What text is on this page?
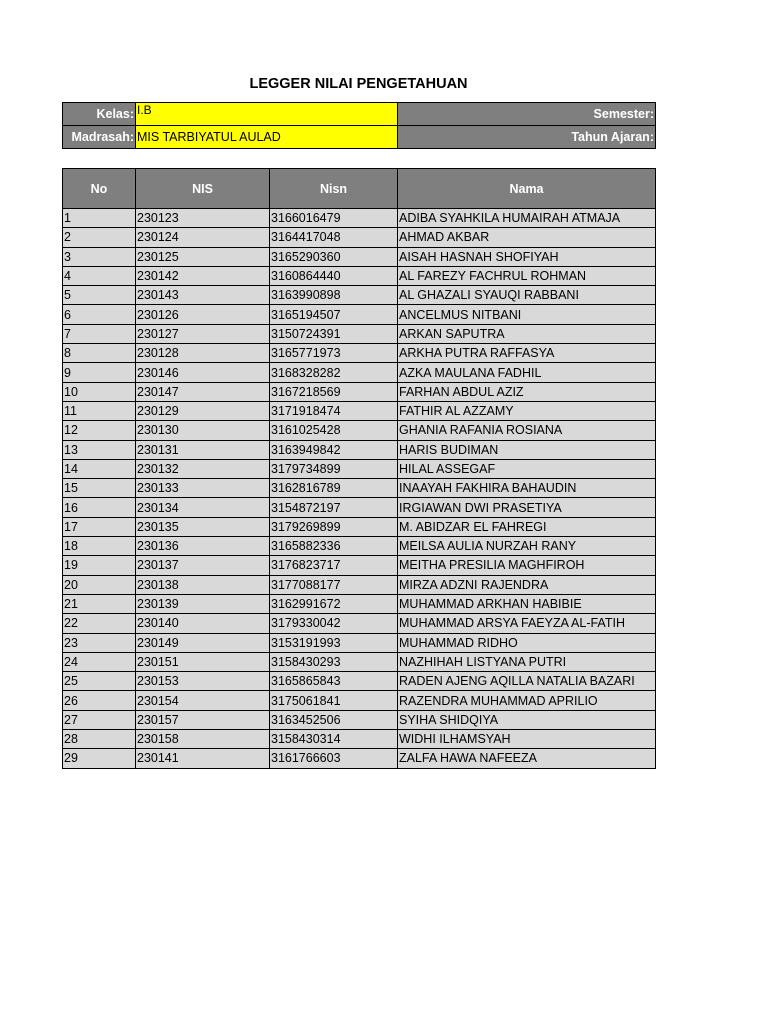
LEGGER NILAI PENGETAHUAN
Kelas:	I.B	Semester:
Madrasah:	MIS TARBIYATUL AULAD	Tahun Ajaran:
No	NIS	Nisn	Nama
1	230123	3166016479	ADIBA SYAHKILA HUMAIRAH ATMAJA
2	230124	3164417048	AHMAD AKBAR
3	230125	3165290360	AISAH HASNAH SHOFIYAH
4	230142	3160864440	AL FAREZY FACHRUL ROHMAN
5	230143	3163990898	AL GHAZALI SYAUQI RABBANI
6	230126	3165194507	ANCELMUS NITBANI
7	230127	3150724391	ARKAN SAPUTRA
8	230128	3165771973	ARKHA PUTRA RAFFASYA
9	230146	3168328282	AZKA MAULANA FADHIL
10	230147	3167218569	FARHAN ABDUL AZIZ
11	230129	3171918474	FATHIR AL AZZAMY
12	230130	3161025428	GHANIA RAFANIA ROSIANA
13	230131	3163949842	HARIS BUDIMAN
14	230132	3179734899	HILAL ASSEGAF
15	230133	3162816789	INAAYAH FAKHIRA BAHAUDIN
16	230134	3154872197	IRGIAWAN DWI PRASETIYA
17	230135	3179269899	M. ABIDZAR EL FAHREGI
18	230136	3165882336	MEILSA AULIA NURZAH RANY
19	230137	3176823717	MEITHA PRESILIA MAGHFIROH
20	230138	3177088177	MIRZA ADZNI RAJENDRA
21	230139	3162991672	MUHAMMAD ARKHAN HABIBIE
22	230140	3179330042	MUHAMMAD ARSYA FAEYZA AL-FATIH
23	230149	3153191993	MUHAMMAD RIDHO
24	230151	3158430293	NAZHIHAH LISTYANA PUTRI
25	230153	3165865843	RADEN AJENG AQILLA NATALIA BAZARI
26	230154	3175061841	RAZENDRA MUHAMMAD APRILIO
27	230157	3163452506	SYIHA SHIDQIYA
28	230158	3158430314	WIDHI ILHAMSYAH
29	230141	3161766603	ZALFA HAWA NAFEEZA
